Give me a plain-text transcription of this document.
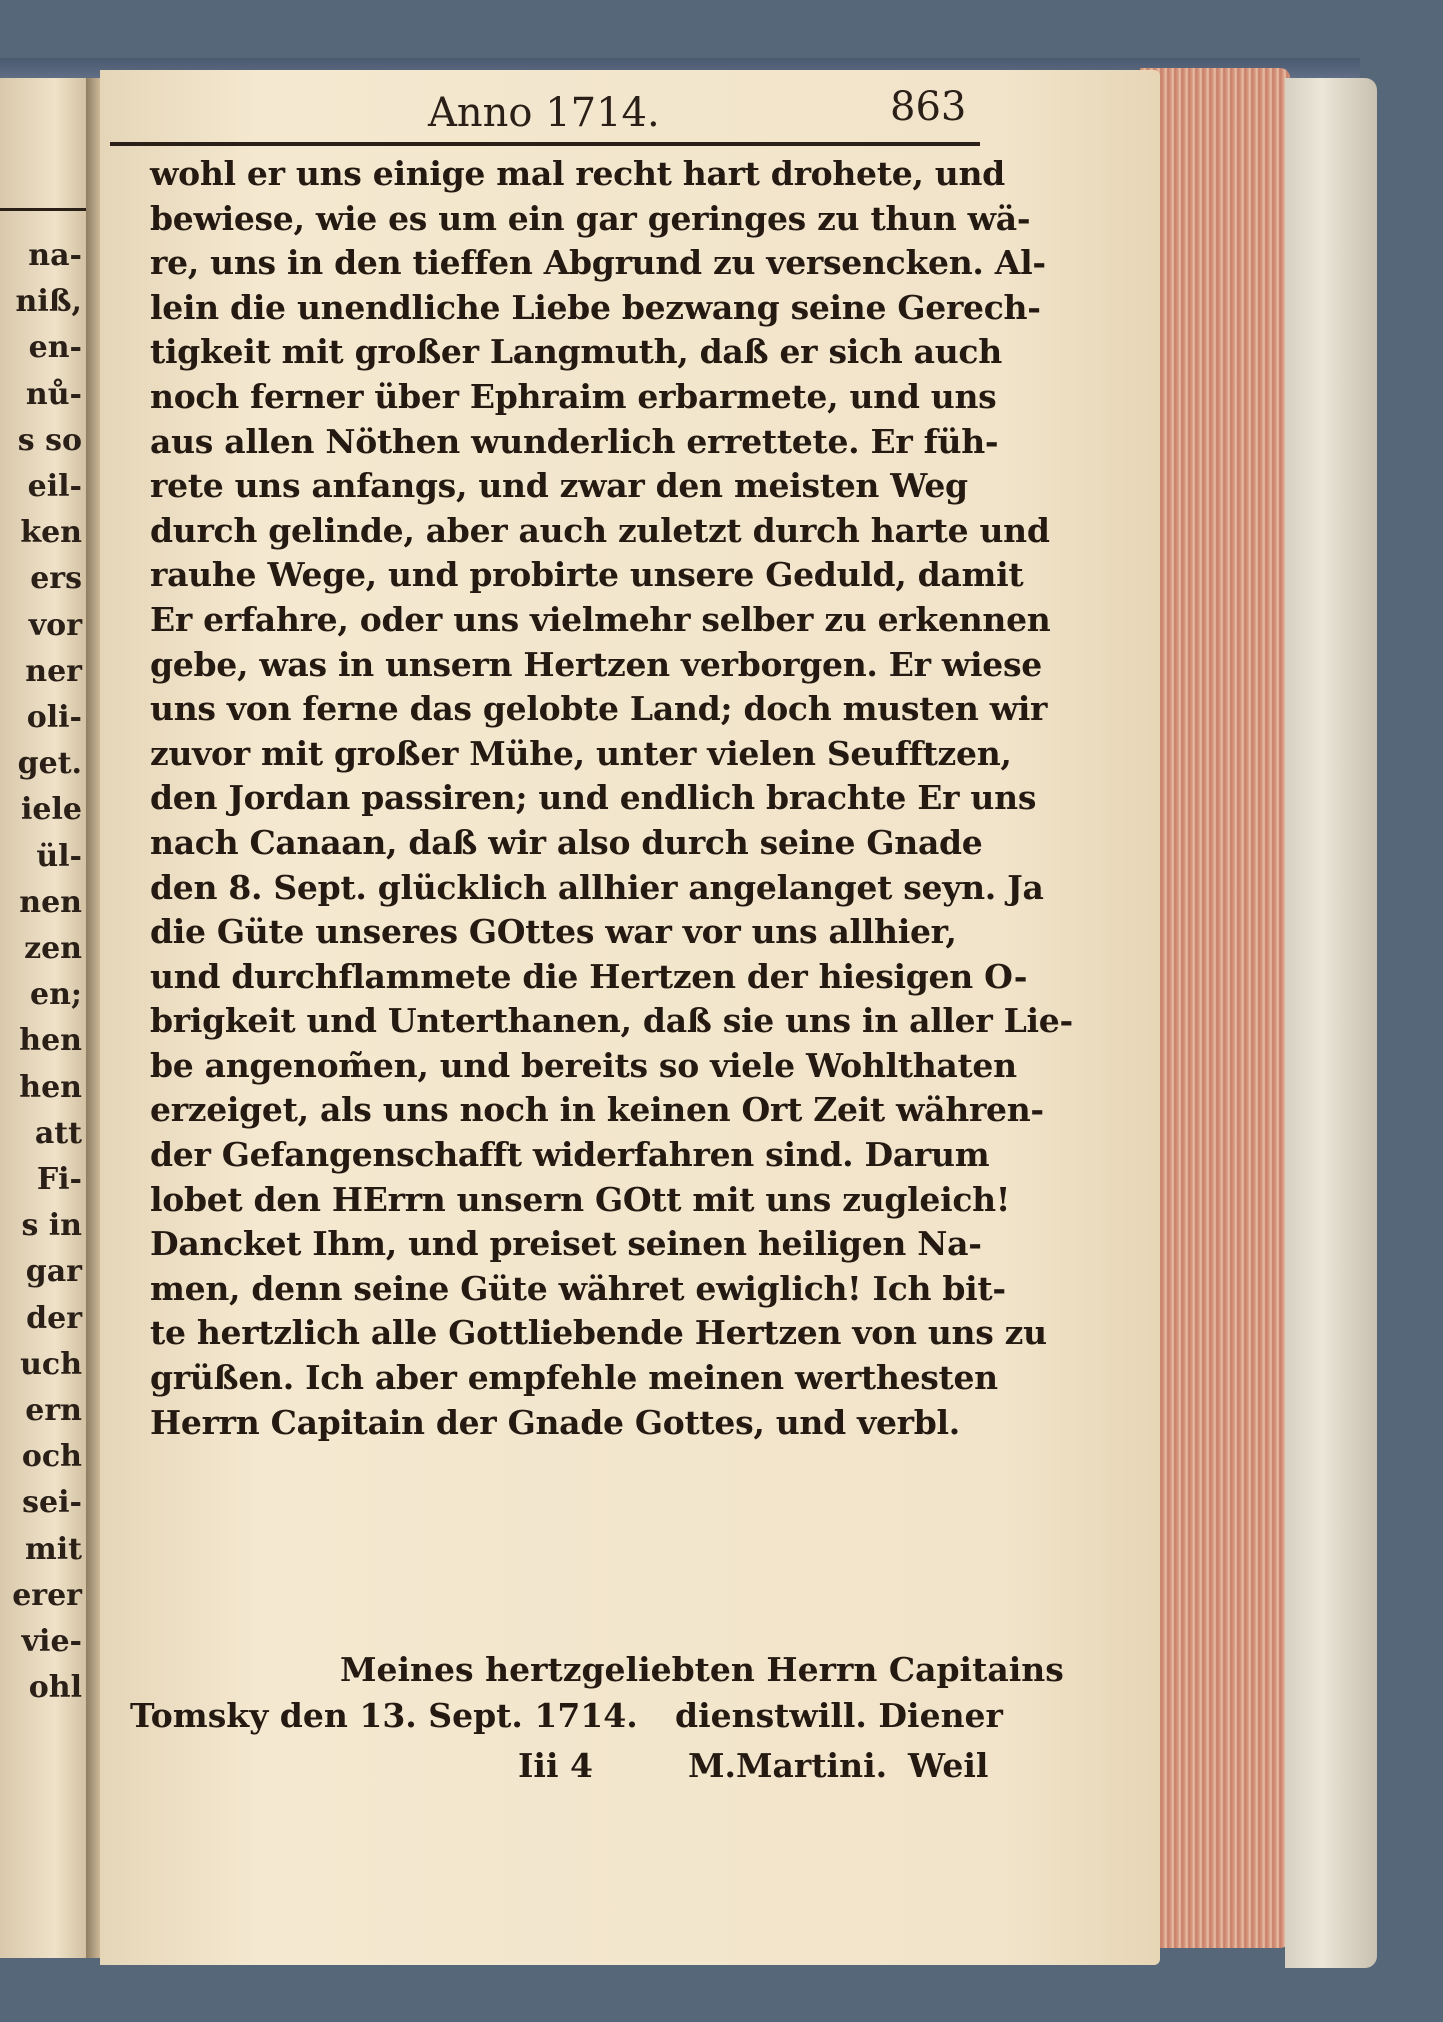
na-
niß,
en-
nů-
s so
eil-
ken
ers
vor
ner
oli-
get.
iele
ül-
nen
zen
en;
hen
hen
att
Fi-
s in
gar
der
uch
ern
och
sei-
mit
erer
vie-
ohl
Anno 1714.	863
wohl er uns einige mal recht hart drohete, und
bewiese, wie es um ein gar geringes zu thun wä-
re, uns in den tieffen Abgrund zu versencken. Al-
lein die unendliche Liebe bezwang seine Gerech-
tigkeit mit großer Langmuth, daß er sich auch
noch ferner über Ephraim erbarmete, und uns
aus allen Nöthen wunderlich errettete. Er füh-
rete uns anfangs, und zwar den meisten Weg
durch gelinde, aber auch zuletzt durch harte und
rauhe Wege, und probirte unsere Geduld, damit
Er erfahre, oder uns vielmehr selber zu erkennen
gebe, was in unsern Hertzen verborgen. Er wiese
uns von ferne das gelobte Land; doch musten wir
zuvor mit großer Mühe, unter vielen Seufftzen,
den Jordan passiren; und endlich brachte Er uns
nach Canaan, daß wir also durch seine Gnade
den 8. Sept. glücklich allhier angelanget seyn. Ja
die Güte unseres GOttes war vor uns allhier,
und durchflammete die Hertzen der hiesigen O-
brigkeit und Unterthanen, daß sie uns in aller Lie-
be angenom̃en, und bereits so viele Wohlthaten
erzeiget, als uns noch in keinen Ort Zeit währen-
der Gefangenschafft widerfahren sind. Darum
lobet den HErrn unsern GOtt mit uns zugleich!
Dancket Ihm, und preiset seinen heiligen Na-
men, denn seine Güte währet ewiglich! Ich bit-
te hertzlich alle Gottliebende Hertzen von uns zu
grüßen. Ich aber empfehle meinen werthesten
Herrn Capitain der Gnade Gottes, und verbl.
Meines hertzgeliebten Herrn Capitains
Tomsky den 13. Sept. 1714. dienstwill. Diener
Iii 4	M.Martini. Weil
